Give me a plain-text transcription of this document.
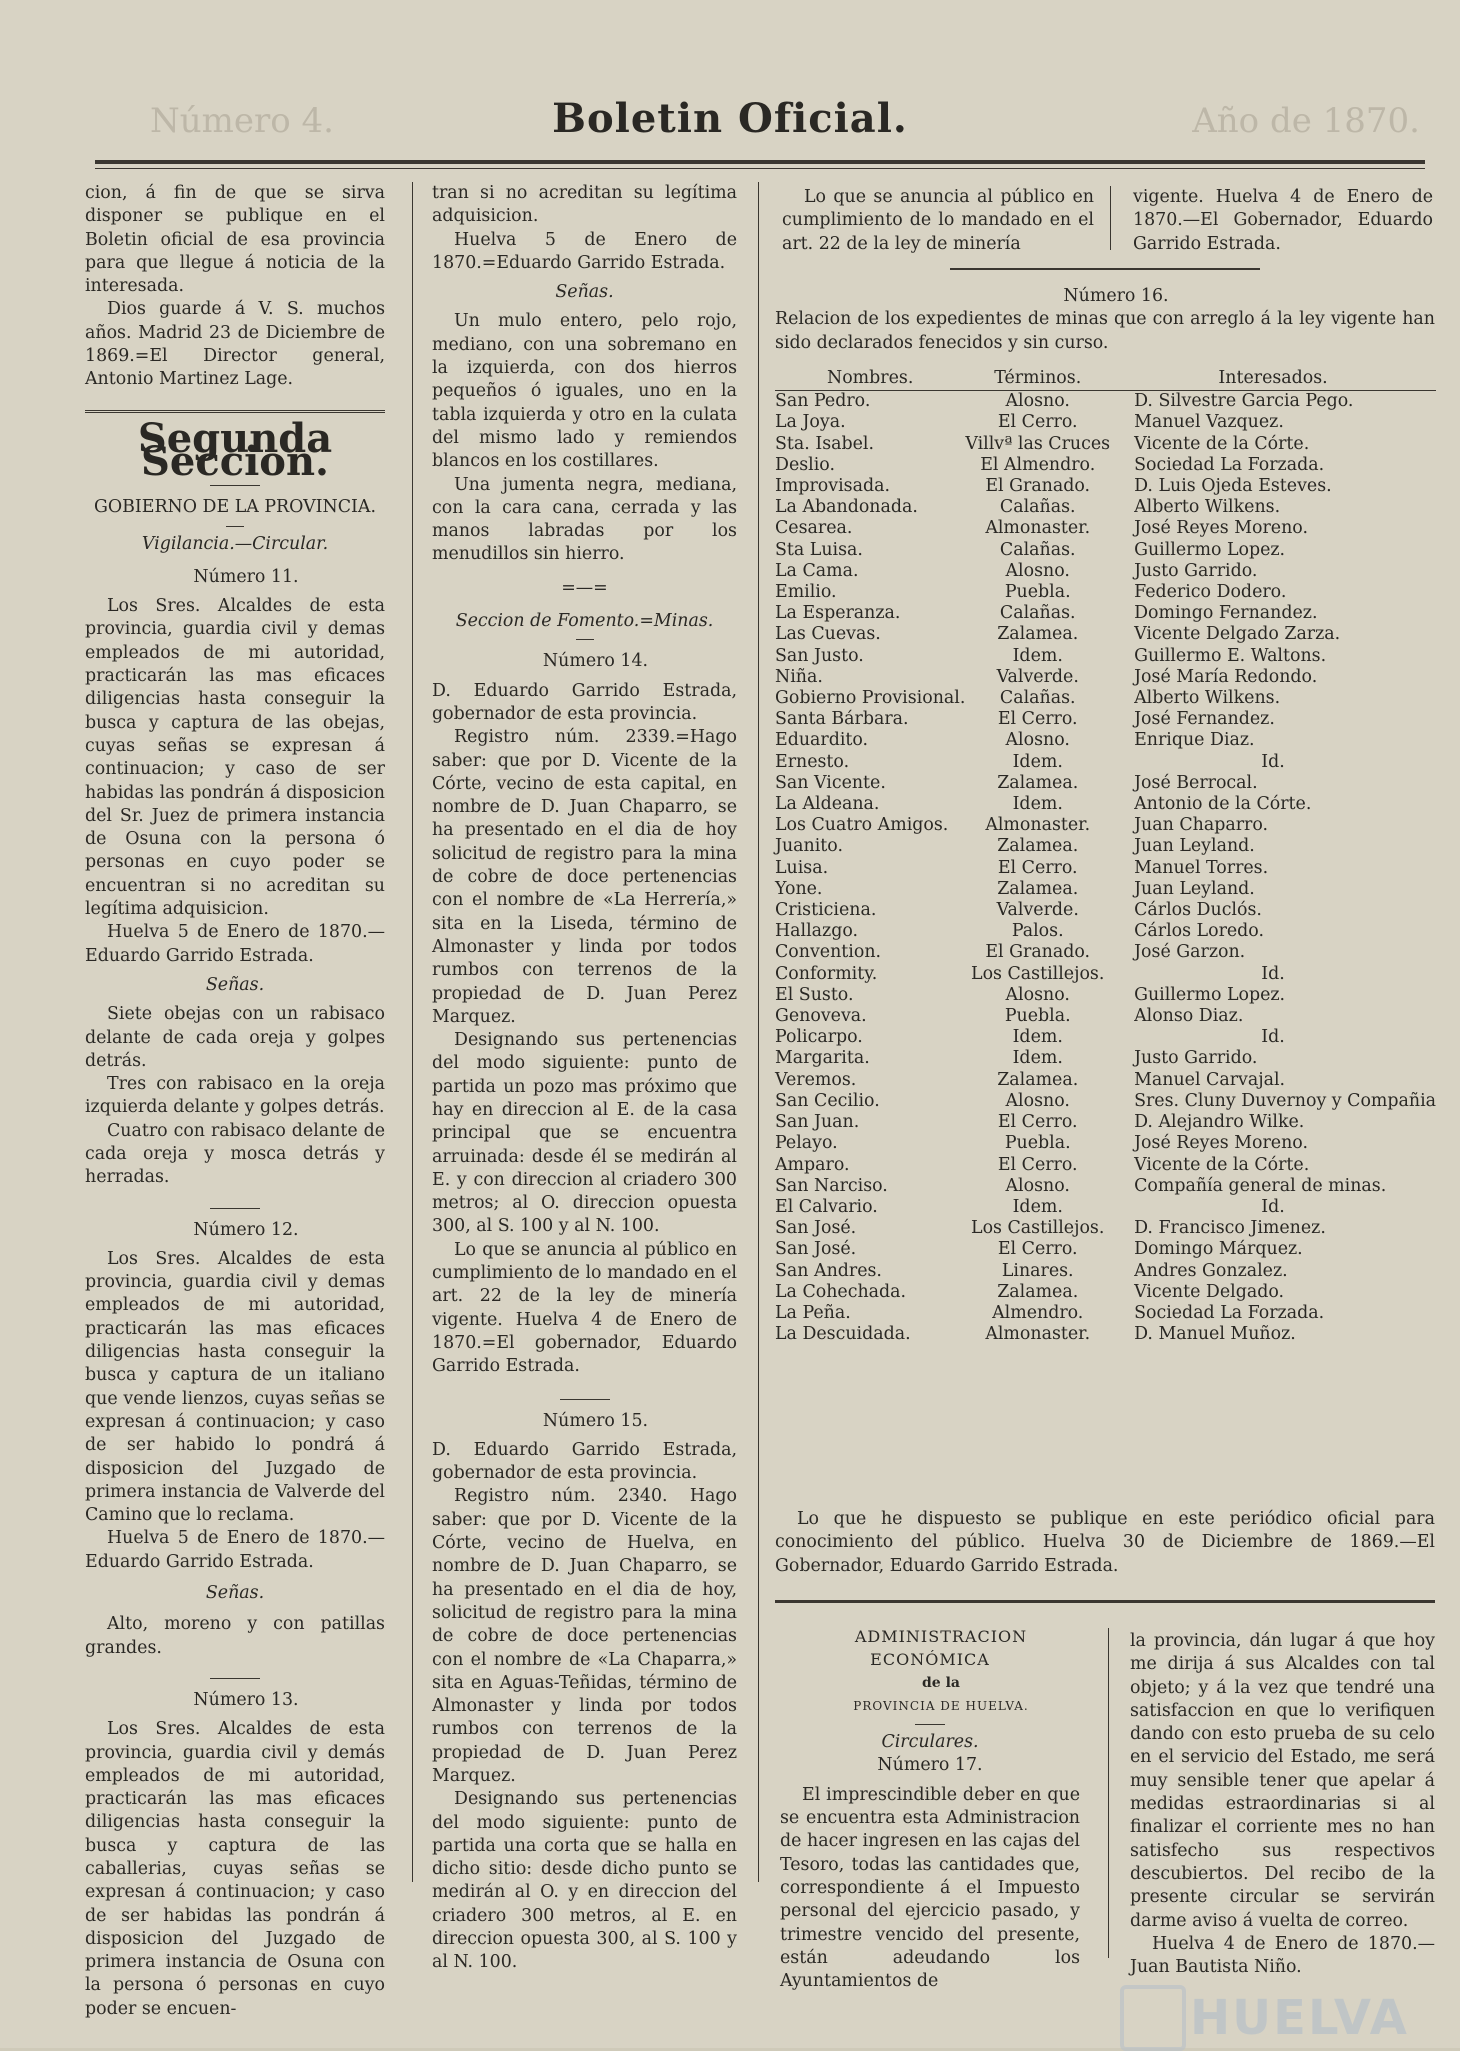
Número 4.	Boletin Oficial.	Año de 1870.

cion, á fin de que se sirva disponer se publique en el Boletin oficial de esa provincia para que llegue á noticia de la interesada.

Dios guarde á V. S. muchos años. Madrid 23 de Diciembre de 1869.=El Director general, Antonio Martinez Lage.

Segunda Seccion.

GOBIERNO DE LA PROVINCIA.

Vigilancia.—Circular.

Número 11.

Los Sres. Alcaldes de esta provincia, guardia civil y demas empleados de mi autoridad, practicarán las mas eficaces diligencias hasta conseguir la busca y captura de las obejas, cuyas señas se expresan á continuacion; y caso de ser habidas las pondrán á disposicion del Sr. Juez de primera instancia de Osuna con la persona ó personas en cuyo poder se encuentran si no acreditan su legítima adquisicion.

Huelva 5 de Enero de 1870.—Eduardo Garrido Estrada.

Señas.

Siete obejas con un rabisaco delante de cada oreja y golpes detrás.

Tres con rabisaco en la oreja izquierda delante y golpes detrás.

Cuatro con rabisaco delante de cada oreja y mosca detrás y herradas.

Número 12.

Los Sres. Alcaldes de esta provincia, guardia civil y demas empleados de mi autoridad, practicarán las mas eficaces diligencias hasta conseguir la busca y captura de un italiano que vende lienzos, cuyas señas se expresan á continuacion; y caso de ser habido lo pondrá á disposicion del Juzgado de primera instancia de Valverde del Camino que lo reclama.

Huelva 5 de Enero de 1870.—Eduardo Garrido Estrada.

Señas.

Alto, moreno y con patillas grandes.

Número 13.

Los Sres. Alcaldes de esta provincia, guardia civil y demás empleados de mi autoridad, practicarán las mas eficaces diligencias hasta conseguir la busca y captura de las caballerias, cuyas señas se expresan á continuacion; y caso de ser habidas las pondrán á disposicion del Juzgado de primera instancia de Osuna con la persona ó personas en cuyo poder se encuen-

tran si no acreditan su legítima adquisicion.

Huelva 5 de Enero de 1870.=Eduardo Garrido Estrada.

Señas.

Un mulo entero, pelo rojo, mediano, con una sobremano en la izquierda, con dos hierros pequeños ó iguales, uno en la tabla izquierda y otro en la culata del mismo lado y remiendos blancos en los costillares.

Una jumenta negra, mediana, con la cara cana, cerrada y las manos labradas por los menudillos sin hierro.

=—=

Seccion de Fomento.=Minas.

Número 14.

D. Eduardo Garrido Estrada, gobernador de esta provincia.

Registro núm. 2339.=Hago saber: que por D. Vicente de la Córte, vecino de esta capital, en nombre de D. Juan Chaparro, se ha presentado en el dia de hoy solicitud de registro para la mina de cobre de doce pertenencias con el nombre de «La Herrería,» sita en la Liseda, término de Almonaster y linda por todos rumbos con terrenos de la propiedad de D. Juan Perez Marquez.

Designando sus pertenencias del modo siguiente: punto de partida un pozo mas próximo que hay en direccion al E. de la casa principal que se encuentra arruinada: desde él se medirán al E. y con direccion al criadero 300 metros; al O. direccion opuesta 300, al S. 100 y al N. 100.

Lo que se anuncia al público en cumplimiento de lo mandado en el art. 22 de la ley de minería vigente. Huelva 4 de Enero de 1870.=El gobernador, Eduardo Garrido Estrada.

Número 15.

D. Eduardo Garrido Estrada, gobernador de esta provincia.

Registro núm. 2340. Hago saber: que por D. Vicente de la Córte, vecino de Huelva, en nombre de D. Juan Chaparro, se ha presentado en el dia de hoy, solicitud de registro para la mina de cobre de doce pertenencias con el nombre de «La Chaparra,» sita en Aguas-Teñidas, término de Almonaster y linda por todos rumbos con terrenos de la propiedad de D. Juan Perez Marquez.

Designando sus pertenencias del modo siguiente: punto de partida una corta que se halla en dicho sitio: desde dicho punto se medirán al O. y en direccion del criadero 300 metros, al E. en direccion opuesta 300, al S. 100 y al N. 100.

Lo que se anuncia al público en cumplimiento de lo mandado en el art. 22 de la ley de minería

vigente. Huelva 4 de Enero de 1870.—El Gobernador, Eduardo Garrido Estrada.

Número 16.

Relacion de los expedientes de minas que con arreglo á la ley vigente han sido declarados fenecidos y sin curso.

Nombres.	Términos.	Interesados.
San Pedro.	Alosno.	D. Silvestre Garcia Pego.
La Joya.	El Cerro.	Manuel Vazquez.
Sta. Isabel.	Villvª las Cruces	Vicente de la Córte.
Deslio.	El Almendro.	Sociedad La Forzada.
Improvisada.	El Granado.	D. Luis Ojeda Esteves.
La Abandonada.	Calañas.	Alberto Wilkens.
Cesarea.	Almonaster.	José Reyes Moreno.
Sta Luisa.	Calañas.	Guillermo Lopez.
La Cama.	Alosno.	Justo Garrido.
Emilio.	Puebla.	Federico Dodero.
La Esperanza.	Calañas.	Domingo Fernandez.
Las Cuevas.	Zalamea.	Vicente Delgado Zarza.
San Justo.	Idem.	Guillermo E. Waltons.
Niña.	Valverde.	José María Redondo.
Gobierno Provisional.	Calañas.	Alberto Wilkens.
Santa Bárbara.	El Cerro.	José Fernandez.
Eduardito.	Alosno.	Enrique Diaz.
Ernesto.	Idem.	Id.
San Vicente.	Zalamea.	José Berrocal.
La Aldeana.	Idem.	Antonio de la Córte.
Los Cuatro Amigos.	Almonaster.	Juan Chaparro.
Juanito.	Zalamea.	Juan Leyland.
Luisa.	El Cerro.	Manuel Torres.
Yone.	Zalamea.	Juan Leyland.
Cristiciena.	Valverde.	Cárlos Duclós.
Hallazgo.	Palos.	Cárlos Loredo.
Convention.	El Granado.	José Garzon.
Conformity.	Los Castillejos.	Id.
El Susto.	Alosno.	Guillermo Lopez.
Genoveva.	Puebla.	Alonso Diaz.
Policarpo.	Idem.	Id.
Margarita.	Idem.	Justo Garrido.
Veremos.	Zalamea.	Manuel Carvajal.
San Cecilio.	Alosno.	Sres. Cluny Duvernoy y Compañia
San Juan.	El Cerro.	D. Alejandro Wilke.
Pelayo.	Puebla.	José Reyes Moreno.
Amparo.	El Cerro.	Vicente de la Córte.
San Narciso.	Alosno.	Compañía general de minas.
El Calvario.	Idem.	Id.
San José.	Los Castillejos.	D. Francisco Jimenez.
San José.	El Cerro.	Domingo Márquez.
San Andres.	Linares.	Andres Gonzalez.
La Cohechada.	Zalamea.	Vicente Delgado.
La Peña.	Almendro.	Sociedad La Forzada.
La Descuidada.	Almonaster.	D. Manuel Muñoz.

Lo que he dispuesto se publique en este periódico oficial para conocimiento del público. Huelva 30 de Diciembre de 1869.—El Gobernador, Eduardo Garrido Estrada.

ADMINISTRACION ECONÓMICA

de la

PROVINCIA DE HUELVA.

Circulares.

Número 17.

El imprescindible deber en que se encuentra esta Administracion de hacer ingresen en las cajas del Tesoro, todas las cantidades que, correspondiente á el Impuesto personal del ejercicio pasado, y trimestre vencido del presente, están adeudando los Ayuntamientos de

la provincia, dán lugar á que hoy me dirija á sus Alcaldes con tal objeto; y á la vez que tendré una satisfaccion en que lo verifiquen dando con esto prueba de su celo en el servicio del Estado, me será muy sensible tener que apelar á medidas estraordinarias si al finalizar el corriente mes no han satisfecho sus respectivos descubiertos. Del recibo de la presente circular se servirán darme aviso á vuelta de correo.

Huelva 4 de Enero de 1870.—Juan Bautista Niño.

HUELVA
